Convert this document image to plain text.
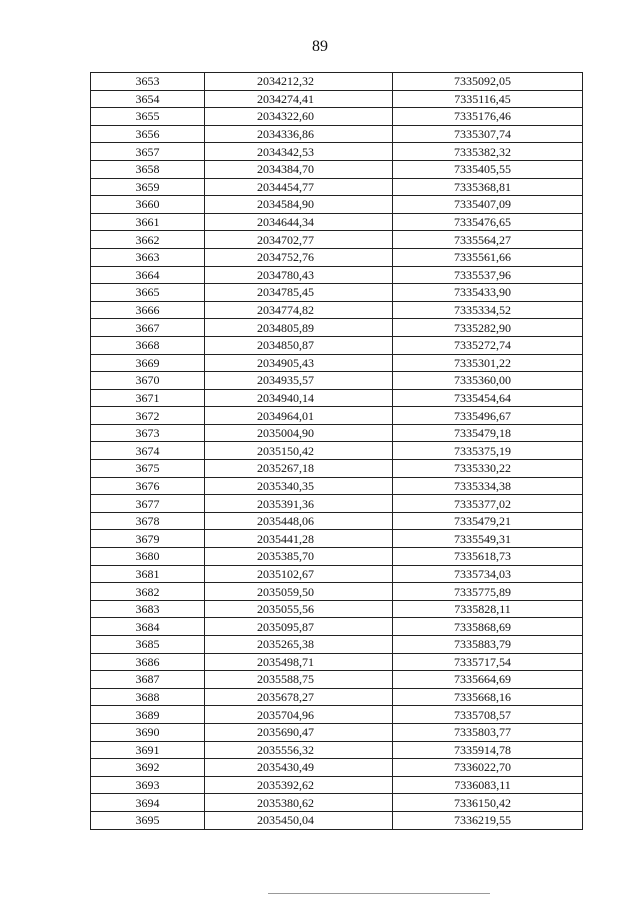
89
3653	2034212,32	7335092,05
3654	2034274,41	7335116,45
3655	2034322,60	7335176,46
3656	2034336,86	7335307,74
3657	2034342,53	7335382,32
3658	2034384,70	7335405,55
3659	2034454,77	7335368,81
3660	2034584,90	7335407,09
3661	2034644,34	7335476,65
3662	2034702,77	7335564,27
3663	2034752,76	7335561,66
3664	2034780,43	7335537,96
3665	2034785,45	7335433,90
3666	2034774,82	7335334,52
3667	2034805,89	7335282,90
3668	2034850,87	7335272,74
3669	2034905,43	7335301,22
3670	2034935,57	7335360,00
3671	2034940,14	7335454,64
3672	2034964,01	7335496,67
3673	2035004,90	7335479,18
3674	2035150,42	7335375,19
3675	2035267,18	7335330,22
3676	2035340,35	7335334,38
3677	2035391,36	7335377,02
3678	2035448,06	7335479,21
3679	2035441,28	7335549,31
3680	2035385,70	7335618,73
3681	2035102,67	7335734,03
3682	2035059,50	7335775,89
3683	2035055,56	7335828,11
3684	2035095,87	7335868,69
3685	2035265,38	7335883,79
3686	2035498,71	7335717,54
3687	2035588,75	7335664,69
3688	2035678,27	7335668,16
3689	2035704,96	7335708,57
3690	2035690,47	7335803,77
3691	2035556,32	7335914,78
3692	2035430,49	7336022,70
3693	2035392,62	7336083,11
3694	2035380,62	7336150,42
3695	2035450,04	7336219,55
